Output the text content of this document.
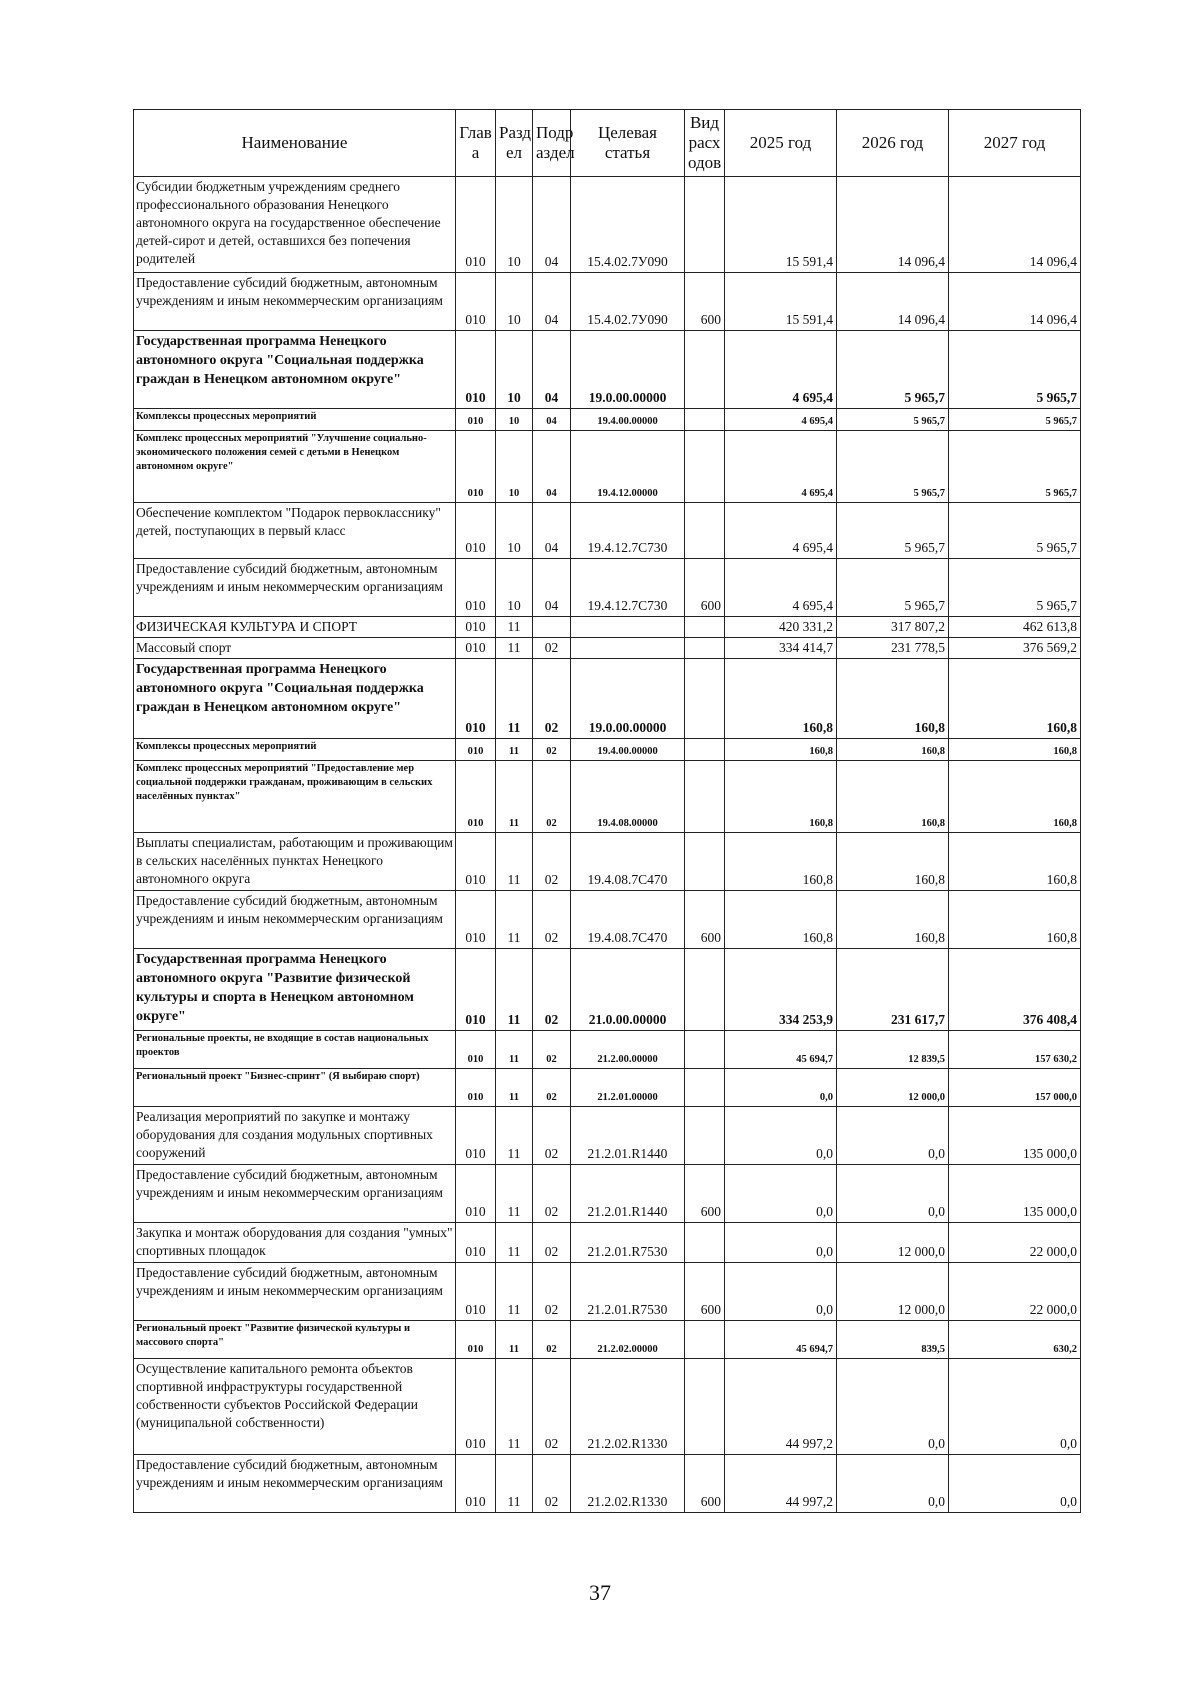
Наименование	Глав а	Разд ел	Подр аздел	Целевая статья	Вид расх одов	2025 год	2026 год	2027 год
Субсидии бюджетным учреждениям среднего профессионального образования Ненецкого автономного округа на государственное обеспечение детей-сирот и детей, оставшихся без попечения родителей	010	10	04	15.4.02.7У090		15 591,4	14 096,4	14 096,4
Предоставление субсидий бюджетным, автономным учреждениям и иным некоммерческим организациям	010	10	04	15.4.02.7У090	600	15 591,4	14 096,4	14 096,4
Государственная программа Ненецкого автономного округа "Социальная поддержка граждан в Ненецком автономном округе"	010	10	04	19.0.00.00000		4 695,4	5 965,7	5 965,7
Комплексы процессных мероприятий	010	10	04	19.4.00.00000		4 695,4	5 965,7	5 965,7
Комплекс процессных мероприятий "Улучшение социально-экономического положения семей с детьми в Ненецком автономном округе"	010	10	04	19.4.12.00000		4 695,4	5 965,7	5 965,7
Обеспечение комплектом "Подарок первокласснику" детей, поступающих в первый класс	010	10	04	19.4.12.7С730		4 695,4	5 965,7	5 965,7
Предоставление субсидий бюджетным, автономным учреждениям и иным некоммерческим организациям	010	10	04	19.4.12.7С730	600	4 695,4	5 965,7	5 965,7
ФИЗИЧЕСКАЯ КУЛЬТУРА И СПОРТ	010	11				420 331,2	317 807,2	462 613,8
Массовый спорт	010	11	02			334 414,7	231 778,5	376 569,2
Государственная программа Ненецкого автономного округа "Социальная поддержка граждан в Ненецком автономном округе"	010	11	02	19.0.00.00000		160,8	160,8	160,8
Комплексы процессных мероприятий	010	11	02	19.4.00.00000		160,8	160,8	160,8
Комплекс процессных мероприятий "Предоставление мер социальной поддержки гражданам, проживающим в сельских населённых пунктах"	010	11	02	19.4.08.00000		160,8	160,8	160,8
Выплаты специалистам, работающим и проживающим в сельских населённых пунктах Ненецкого автономного округа	010	11	02	19.4.08.7С470		160,8	160,8	160,8
Предоставление субсидий бюджетным, автономным учреждениям и иным некоммерческим организациям	010	11	02	19.4.08.7С470	600	160,8	160,8	160,8
Государственная программа Ненецкого автономного округа "Развитие физической культуры и спорта в Ненецком автономном округе"	010	11	02	21.0.00.00000		334 253,9	231 617,7	376 408,4
Региональные проекты, не входящие в состав национальных проектов	010	11	02	21.2.00.00000		45 694,7	12 839,5	157 630,2
Региональный проект "Бизнес-спринт" (Я выбираю спорт)	010	11	02	21.2.01.00000		0,0	12 000,0	157 000,0
Реализация мероприятий по закупке и монтажу оборудования для создания модульных спортивных сооружений	010	11	02	21.2.01.R1440		0,0	0,0	135 000,0
Предоставление субсидий бюджетным, автономным учреждениям и иным некоммерческим организациям	010	11	02	21.2.01.R1440	600	0,0	0,0	135 000,0
Закупка и монтаж оборудования для создания "умных" спортивных площадок	010	11	02	21.2.01.R7530		0,0	12 000,0	22 000,0
Предоставление субсидий бюджетным, автономным учреждениям и иным некоммерческим организациям	010	11	02	21.2.01.R7530	600	0,0	12 000,0	22 000,0
Региональный проект "Развитие физической культуры и массового спорта"	010	11	02	21.2.02.00000		45 694,7	839,5	630,2
Осуществление капитального ремонта объектов спортивной инфраструктуры государственной собственности субъектов Российской Федерации (муниципальной собственности)	010	11	02	21.2.02.R1330		44 997,2	0,0	0,0
Предоставление субсидий бюджетным, автономным учреждениям и иным некоммерческим организациям	010	11	02	21.2.02.R1330	600	44 997,2	0,0	0,0
37
